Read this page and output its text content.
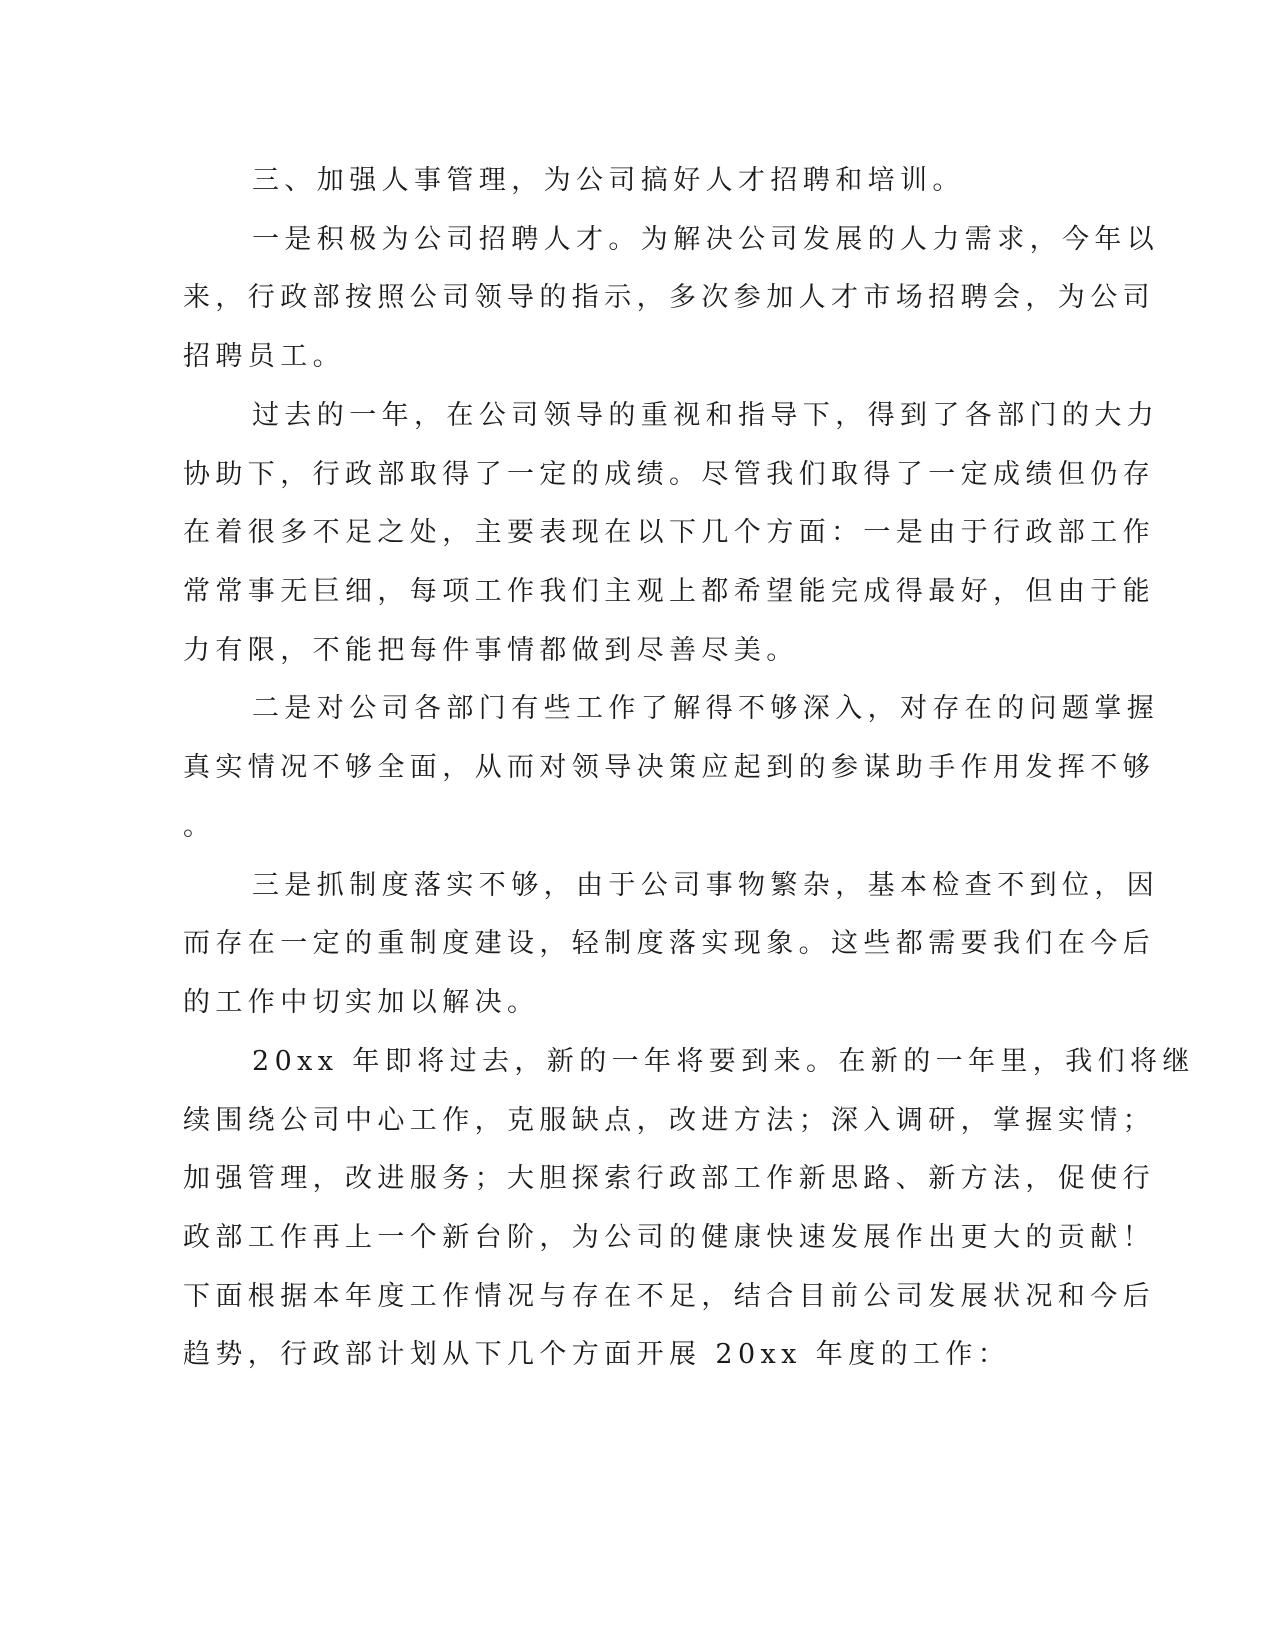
三、加强人事管理，为公司搞好人才招聘和培训。
一是积极为公司招聘人才。为解决公司发展的人力需求，今年以
来，行政部按照公司领导的指示，多次参加人才市场招聘会，为公司
招聘员工。
过去的一年，在公司领导的重视和指导下，得到了各部门的大力
协助下，行政部取得了一定的成绩。尽管我们取得了一定成绩但仍存
在着很多不足之处，主要表现在以下几个方面：一是由于行政部工作
常常事无巨细，每项工作我们主观上都希望能完成得最好，但由于能
力有限，不能把每件事情都做到尽善尽美。
二是对公司各部门有些工作了解得不够深入，对存在的问题掌握
真实情况不够全面，从而对领导决策应起到的参谋助手作用发挥不够
。
三是抓制度落实不够，由于公司事物繁杂，基本检查不到位，因
而存在一定的重制度建设，轻制度落实现象。这些都需要我们在今后
的工作中切实加以解决。
20xx 年即将过去，新的一年将要到来。在新的一年里，我们将继
续围绕公司中心工作，克服缺点，改进方法；深入调研，掌握实情；
加强管理，改进服务；大胆探索行政部工作新思路、新方法，促使行
政部工作再上一个新台阶，为公司的健康快速发展作出更大的贡献！
下面根据本年度工作情况与存在不足，结合目前公司发展状况和今后
趋势，行政部计划从下几个方面开展 20xx 年度的工作：
